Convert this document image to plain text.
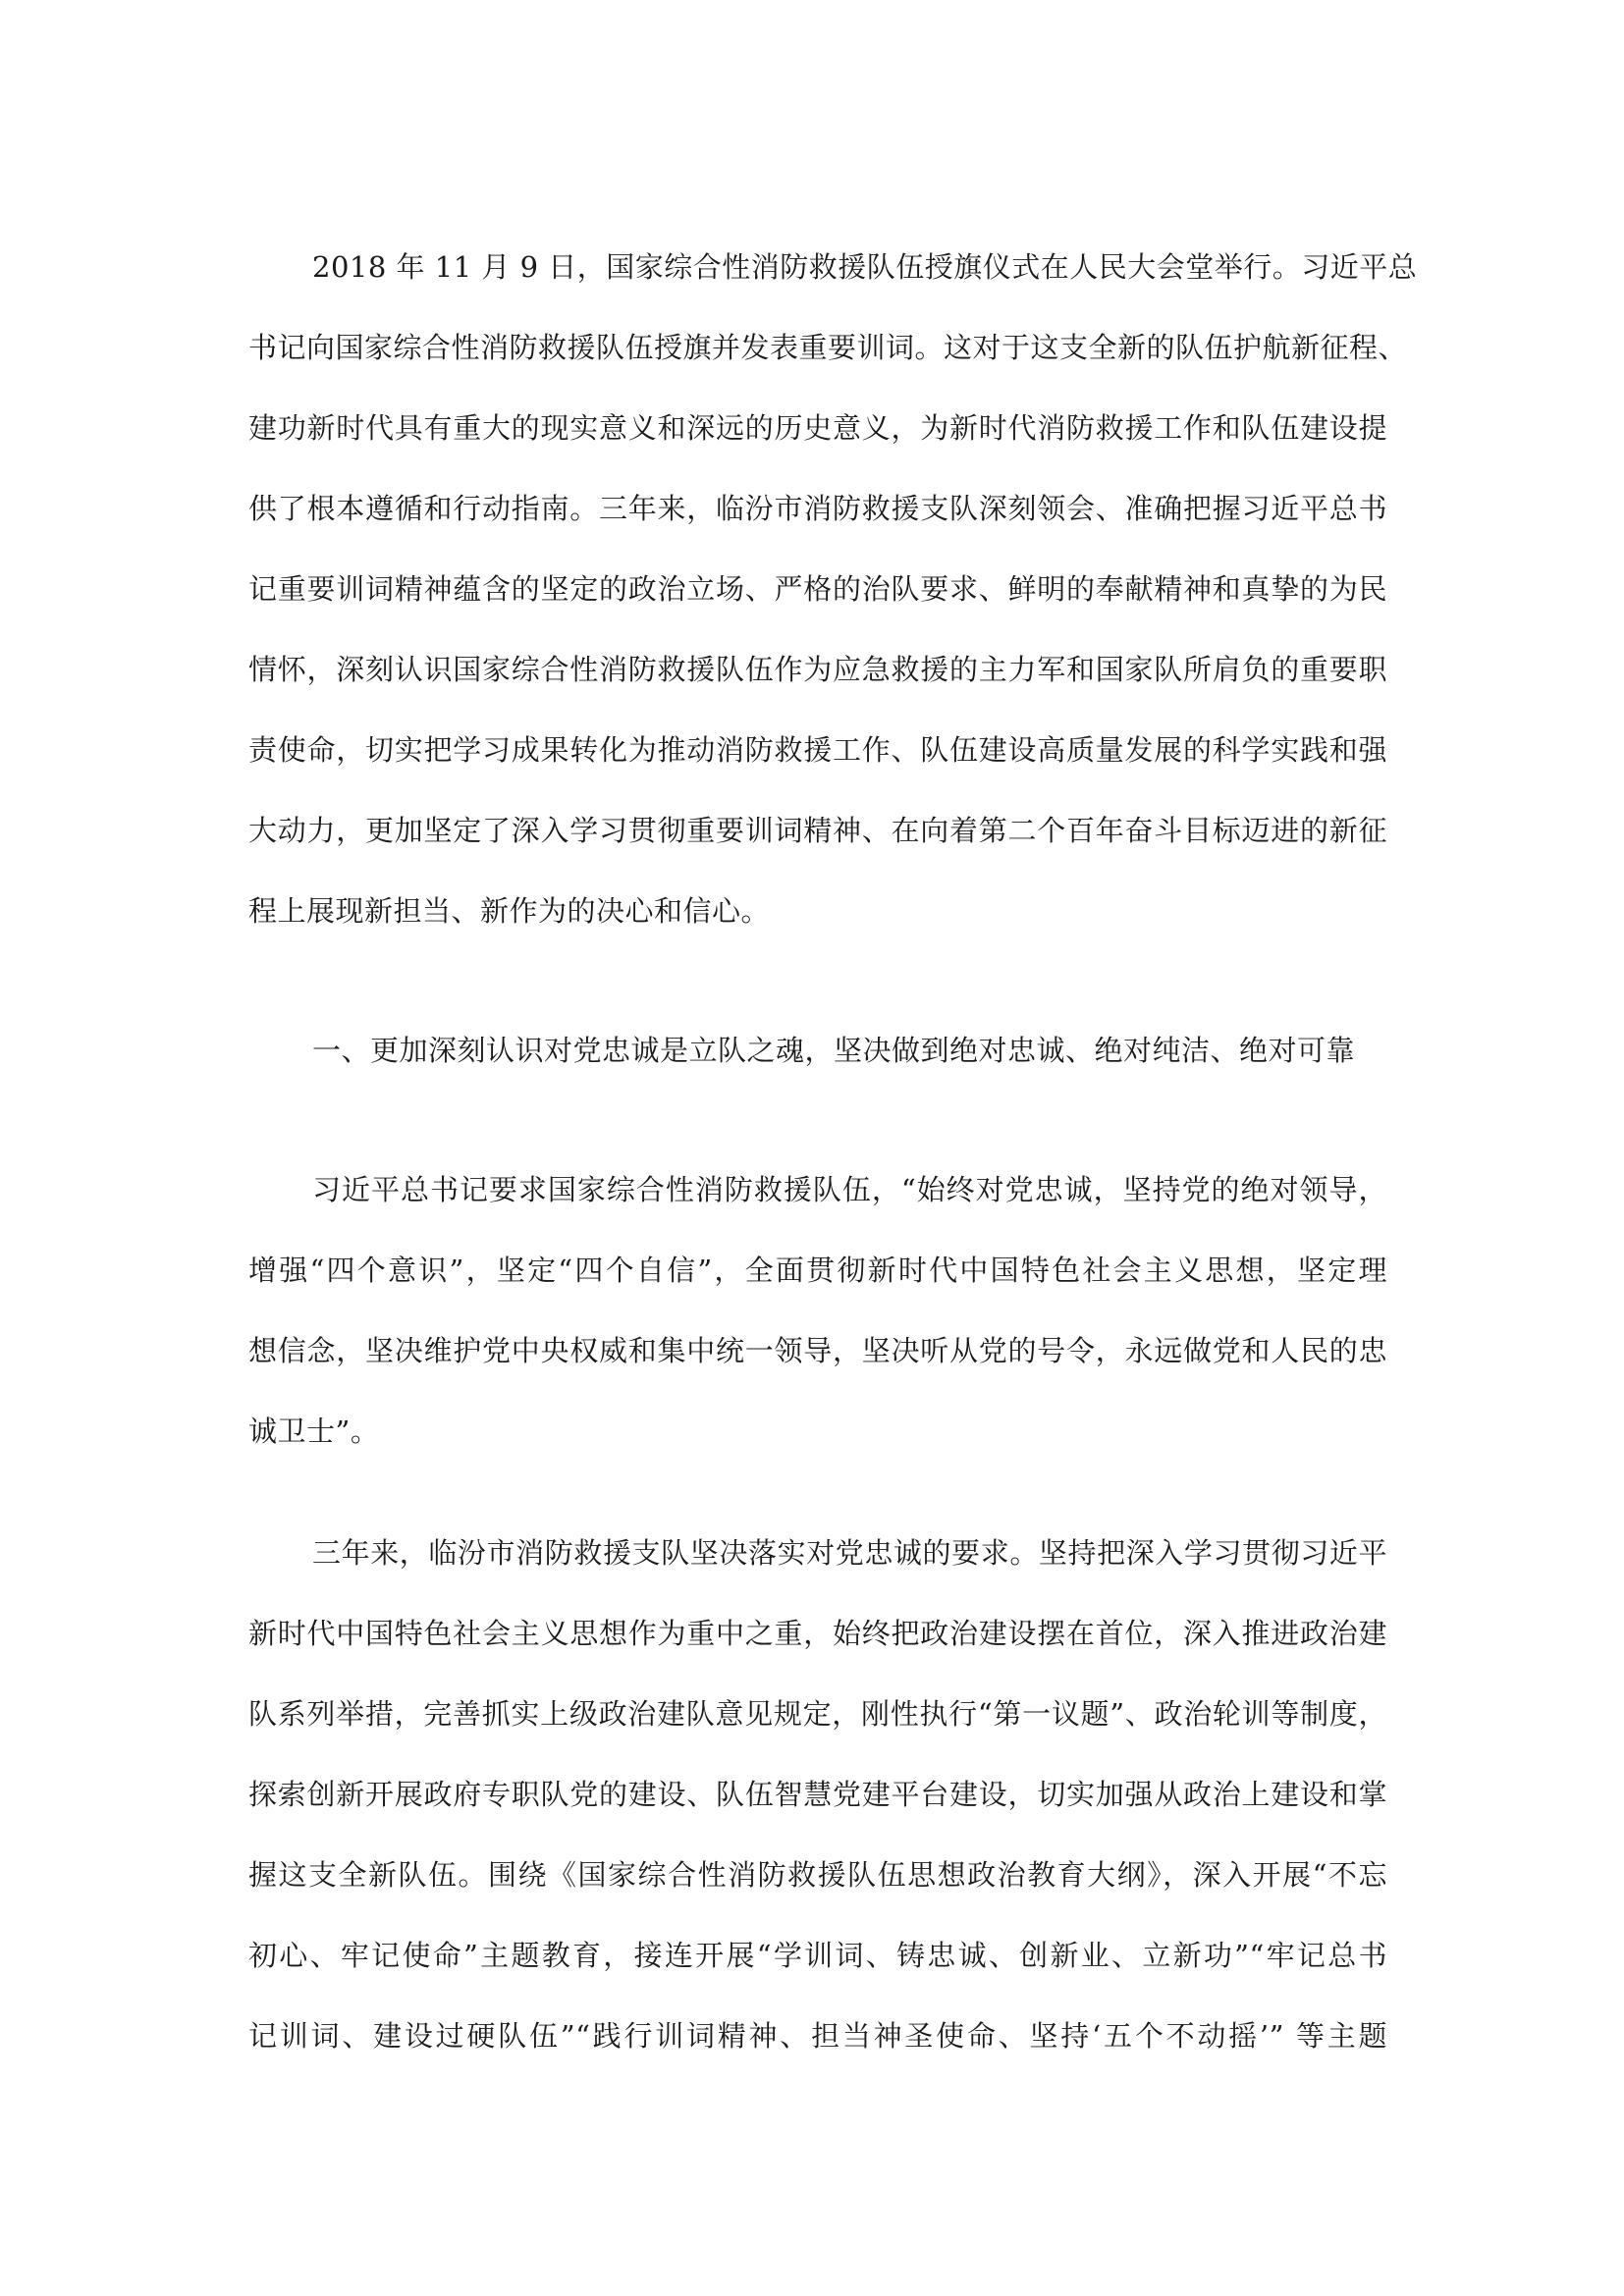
2018 年 11 月 9 日，国家综合性消防救援队伍授旗仪式在人民大会堂举行。习近平总
书记向国家综合性消防救援队伍授旗并发表重要训词。这对于这支全新的队伍护航新征程、
建功新时代具有重大的现实意义和深远的历史意义，为新时代消防救援工作和队伍建设提
供了根本遵循和行动指南。三年来，临汾市消防救援支队深刻领会、准确把握习近平总书
记重要训词精神蕴含的坚定的政治立场、严格的治队要求、鲜明的奉献精神和真挚的为民
情怀，深刻认识国家综合性消防救援队伍作为应急救援的主力军和国家队所肩负的重要职
责使命，切实把学习成果转化为推动消防救援工作、队伍建设高质量发展的科学实践和强
大动力，更加坚定了深入学习贯彻重要训词精神、在向着第二个百年奋斗目标迈进的新征
程上展现新担当、新作为的决心和信心。
一、更加深刻认识对党忠诚是立队之魂，坚决做到绝对忠诚、绝对纯洁、绝对可靠
习近平总书记要求国家综合性消防救援队伍，“始终对党忠诚，坚持党的绝对领导，
增强“四个意识”，坚定“四个自信”，全面贯彻新时代中国特色社会主义思想，坚定理
想信念，坚决维护党中央权威和集中统一领导，坚决听从党的号令，永远做党和人民的忠
诚卫士”。
三年来，临汾市消防救援支队坚决落实对党忠诚的要求。坚持把深入学习贯彻习近平
新时代中国特色社会主义思想作为重中之重，始终把政治建设摆在首位，深入推进政治建
队系列举措，完善抓实上级政治建队意见规定，刚性执行“第一议题”、政治轮训等制度，
探索创新开展政府专职队党的建设、队伍智慧党建平台建设，切实加强从政治上建设和掌
握这支全新队伍。围绕《国家综合性消防救援队伍思想政治教育大纲》，深入开展“不忘
初心、牢记使命”主题教育，接连开展“学训词、铸忠诚、创新业、立新功”“牢记总书
记训词、建设过硬队伍”“践行训词精神、担当神圣使命、坚持‘五个不动摇’” 等主题
